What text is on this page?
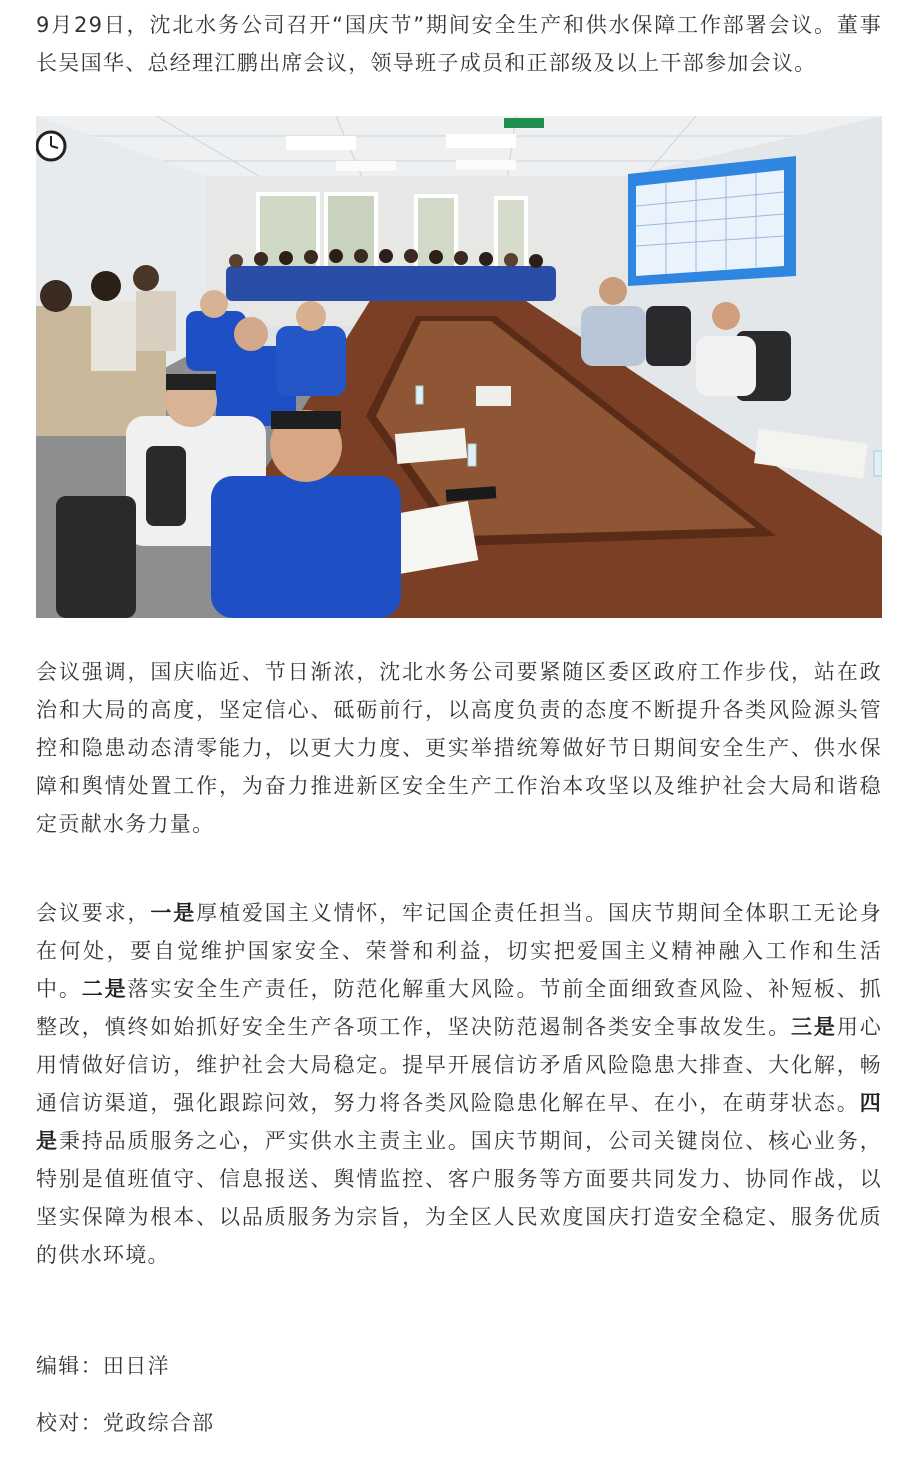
9月29日，沈北水务公司召开“国庆节”期间安全生产和供水保障工作部署会议。董事长吴国华、总经理江鹏出席会议，领导班子成员和正部级及以上干部参加会议。

会议强调，国庆临近、节日渐浓，沈北水务公司要紧随区委区政府工作步伐，站在政治和大局的高度，坚定信心、砥砺前行，以高度负责的态度不断提升各类风险源头管控和隐患动态清零能力，以更大力度、更实举措统筹做好节日期间安全生产、供水保障和舆情处置工作，为奋力推进新区安全生产工作治本攻坚以及维护社会大局和谐稳定贡献水务力量。

会议要求，一是厚植爱国主义情怀，牢记国企责任担当。国庆节期间全体职工无论身在何处，要自觉维护国家安全、荣誉和利益，切实把爱国主义精神融入工作和生活中。二是落实安全生产责任，防范化解重大风险。节前全面细致查风险、补短板、抓整改，慎终如始抓好安全生产各项工作，坚决防范遏制各类安全事故发生。三是用心用情做好信访，维护社会大局稳定。提早开展信访矛盾风险隐患大排查、大化解，畅通信访渠道，强化跟踪问效，努力将各类风险隐患化解在早、在小，在萌芽状态。四是秉持品质服务之心，严实供水主责主业。国庆节期间，公司关键岗位、核心业务，特别是值班值守、信息报送、舆情监控、客户服务等方面要共同发力、协同作战，以坚实保障为根本、以品质服务为宗旨，为全区人民欢度国庆打造安全稳定、服务优质的供水环境。

编辑：田日洋

校对：党政综合部
